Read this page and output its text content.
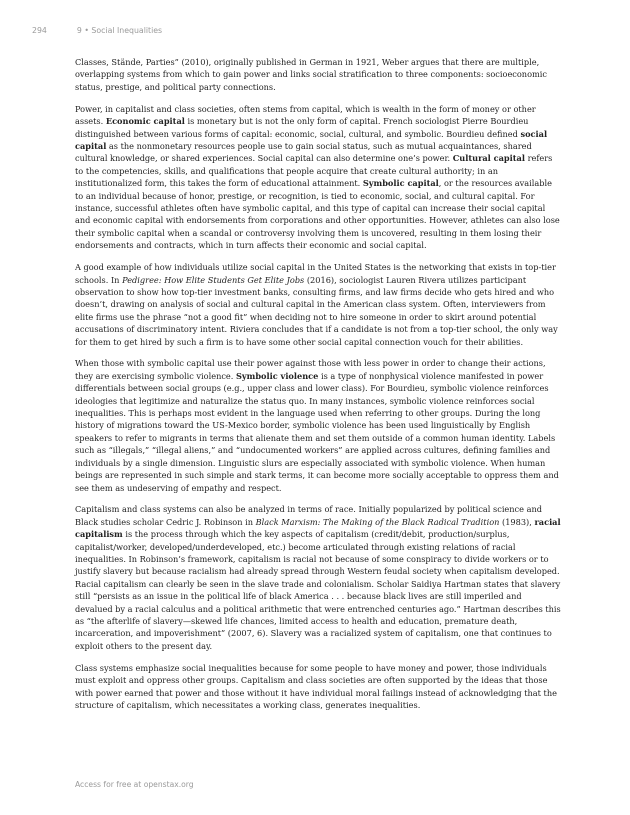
294	9 • Social Inequalities

Classes, Stände, Parties” (2010), originally published in German in 1921, Weber argues that there are multiple, overlapping systems from which to gain power and links social stratification to three components: socioeconomic status, prestige, and political party connections.

Power, in capitalist and class societies, often stems from capital, which is wealth in the form of money or other assets. Economic capital is monetary but is not the only form of capital. French sociologist Pierre Bourdieu distinguished between various forms of capital: economic, social, cultural, and symbolic. Bourdieu defined social capital as the nonmonetary resources people use to gain social status, such as mutual acquaintances, shared cultural knowledge, or shared experiences. Social capital can also determine one’s power. Cultural capital refers to the competencies, skills, and qualifications that people acquire that create cultural authority; in an institutionalized form, this takes the form of educational attainment. Symbolic capital, or the resources available to an individual because of honor, prestige, or recognition, is tied to economic, social, and cultural capital. For instance, successful athletes often have symbolic capital, and this type of capital can increase their social capital and economic capital with endorsements from corporations and other opportunities. However, athletes can also lose their symbolic capital when a scandal or controversy involving them is uncovered, resulting in them losing their endorsements and contracts, which in turn affects their economic and social capital.

A good example of how individuals utilize social capital in the United States is the networking that exists in top-tier schools. In Pedigree: How Elite Students Get Elite Jobs (2016), sociologist Lauren Rivera utilizes participant observation to show how top-tier investment banks, consulting firms, and law firms decide who gets hired and who doesn’t, drawing on analysis of social and cultural capital in the American class system. Often, interviewers from elite firms use the phrase “not a good fit” when deciding not to hire someone in order to skirt around potential accusations of discriminatory intent. Riviera concludes that if a candidate is not from a top-tier school, the only way for them to get hired by such a firm is to have some other social capital connection vouch for their abilities.

When those with symbolic capital use their power against those with less power in order to change their actions, they are exercising symbolic violence. Symbolic violence is a type of nonphysical violence manifested in power differentials between social groups (e.g., upper class and lower class). For Bourdieu, symbolic violence reinforces ideologies that legitimize and naturalize the status quo. In many instances, symbolic violence reinforces social inequalities. This is perhaps most evident in the language used when referring to other groups. During the long history of migrations toward the US-Mexico border, symbolic violence has been used linguistically by English speakers to refer to migrants in terms that alienate them and set them outside of a common human identity. Labels such as “illegals,” “illegal aliens,” and “undocumented workers” are applied across cultures, defining families and individuals by a single dimension. Linguistic slurs are especially associated with symbolic violence. When human beings are represented in such simple and stark terms, it can become more socially acceptable to oppress them and see them as undeserving of empathy and respect.

Capitalism and class systems can also be analyzed in terms of race. Initially popularized by political science and Black studies scholar Cedric J. Robinson in Black Marxism: The Making of the Black Radical Tradition (1983), racial capitalism is the process through which the key aspects of capitalism (credit/debit, production/surplus, capitalist/worker, developed/underdeveloped, etc.) become articulated through existing relations of racial inequalities. In Robinson’s framework, capitalism is racial not because of some conspiracy to divide workers or to justify slavery but because racialism had already spread through Western feudal society when capitalism developed. Racial capitalism can clearly be seen in the slave trade and colonialism. Scholar Saidiya Hartman states that slavery still “persists as an issue in the political life of black America . . . because black lives are still imperiled and devalued by a racial calculus and a political arithmetic that were entrenched centuries ago.” Hartman describes this as “the afterlife of slavery—skewed life chances, limited access to health and education, premature death, incarceration, and impoverishment” (2007, 6). Slavery was a racialized system of capitalism, one that continues to exploit others to the present day.

Class systems emphasize social inequalities because for some people to have money and power, those individuals must exploit and oppress other groups. Capitalism and class societies are often supported by the ideas that those with power earned that power and those without it have individual moral failings instead of acknowledging that the structure of capitalism, which necessitates a working class, generates inequalities.

Access for free at openstax.org
